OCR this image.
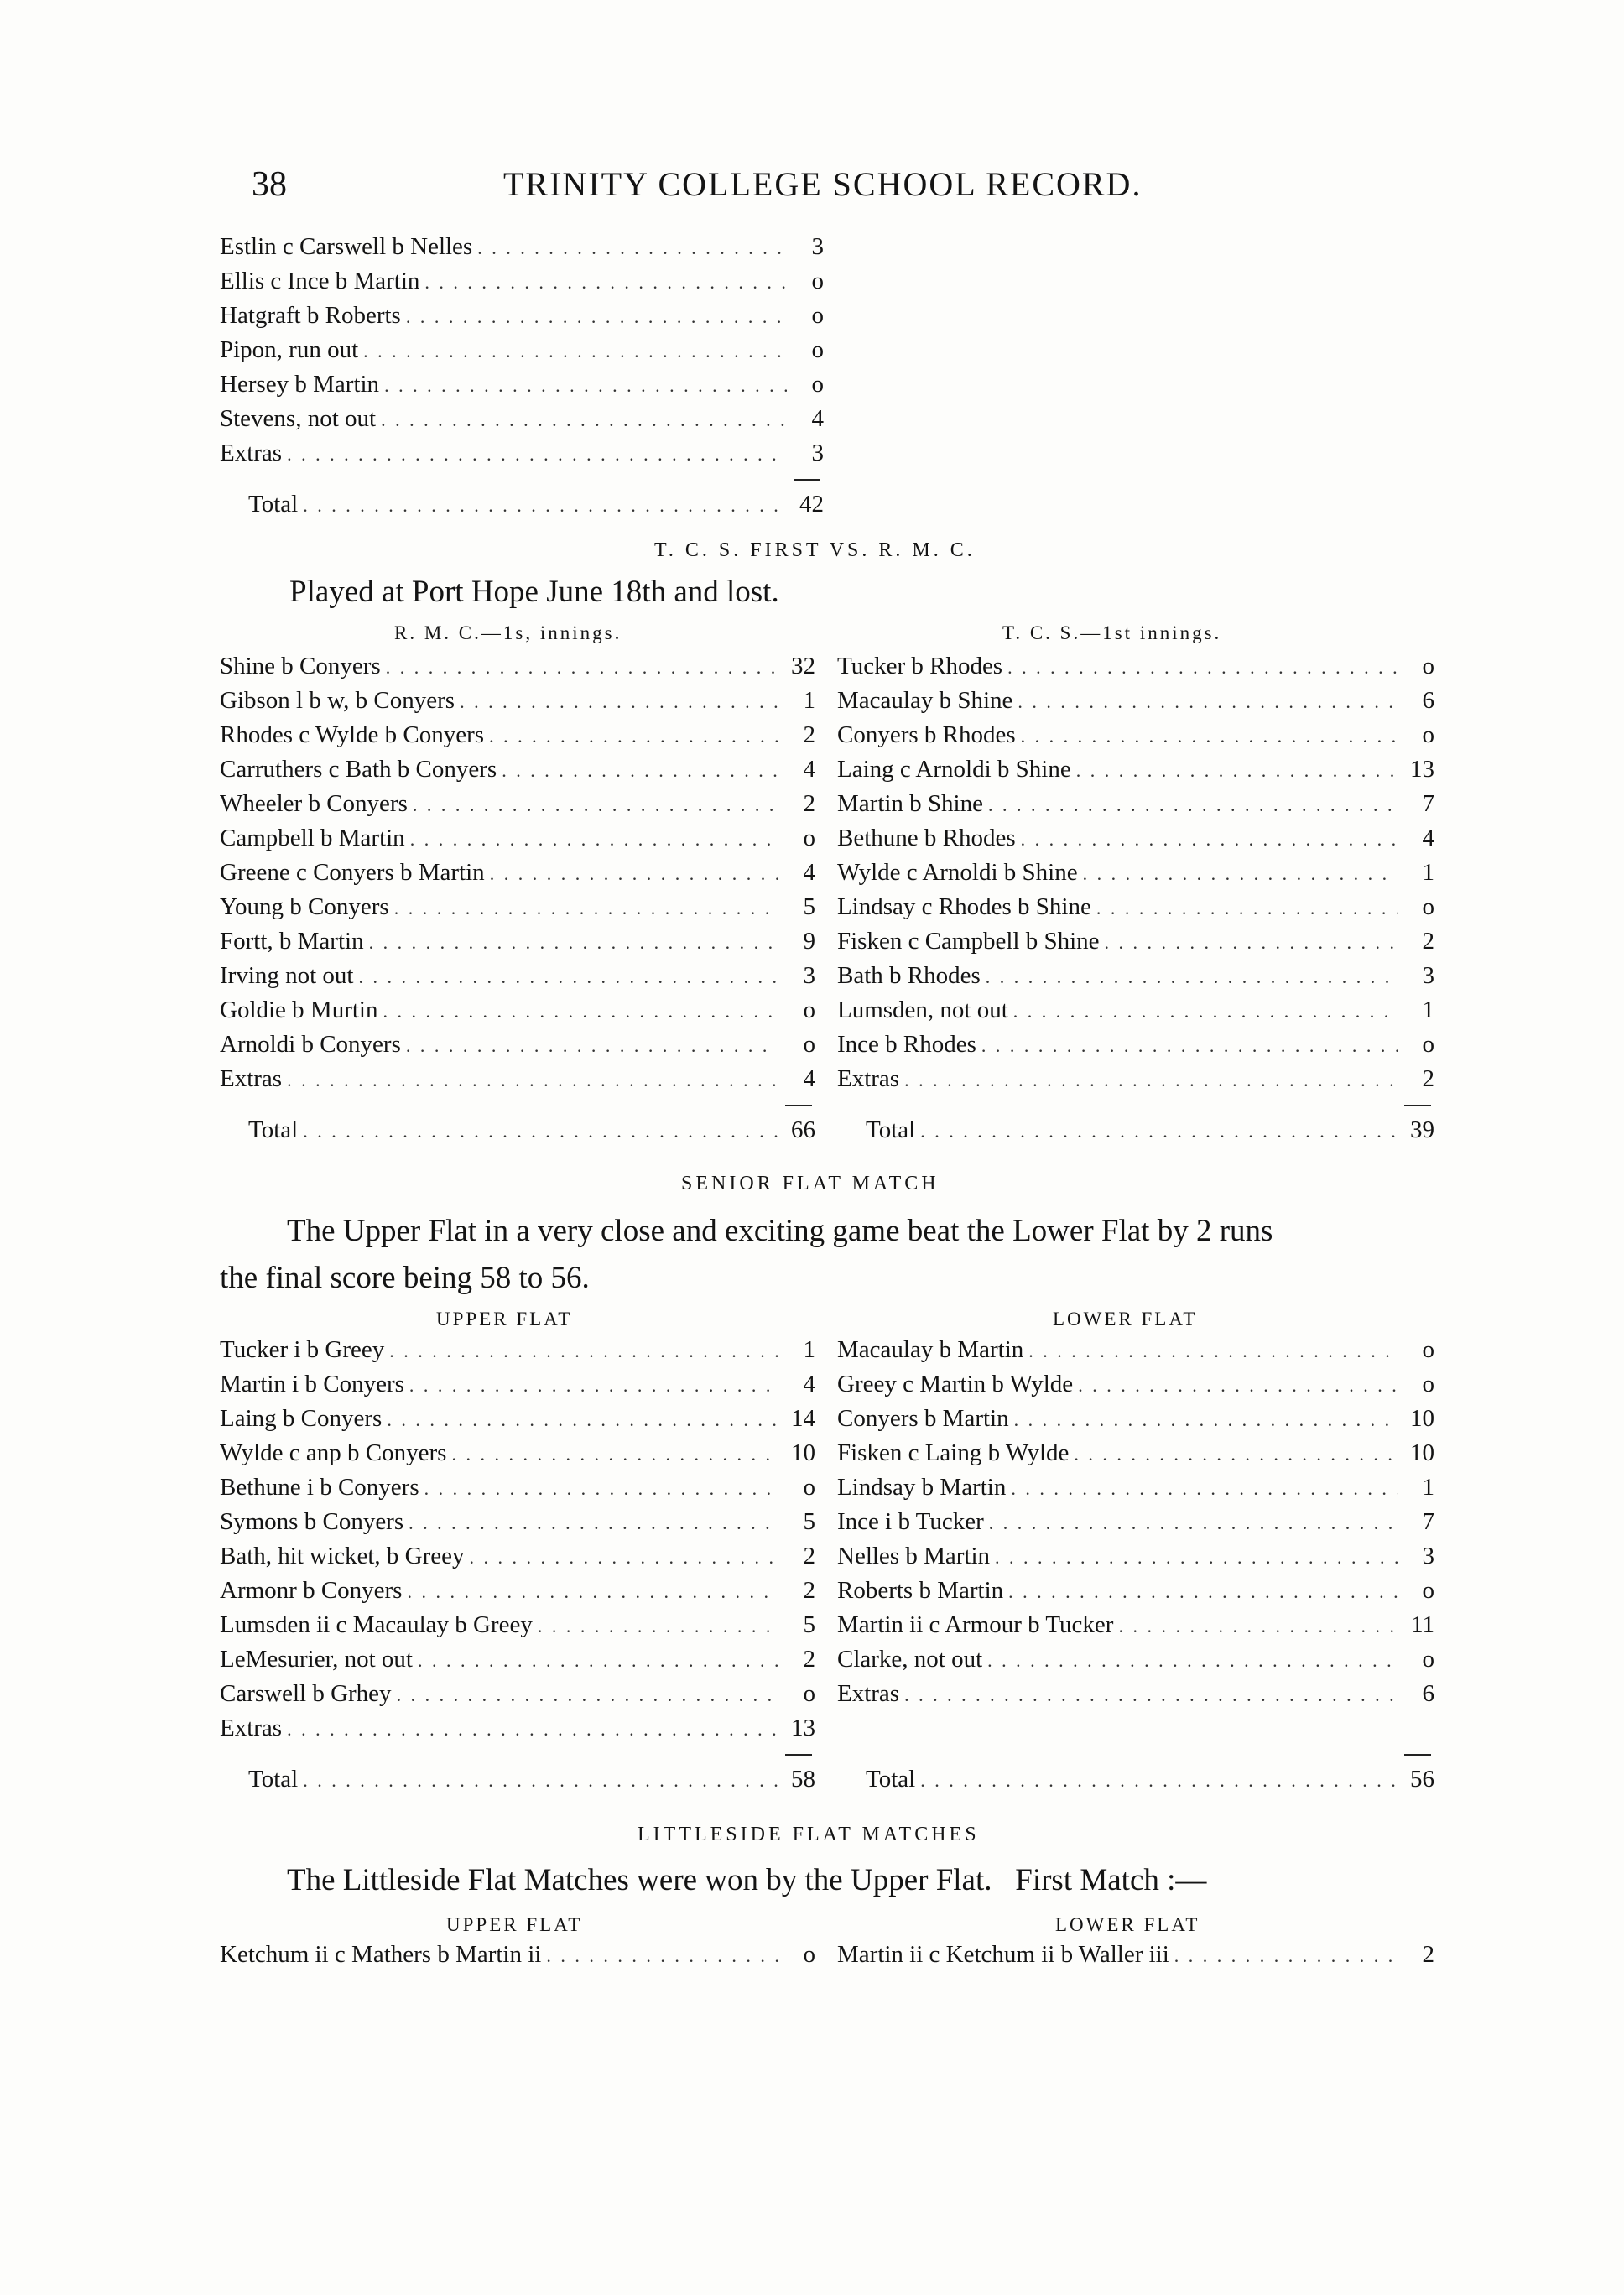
38	TRINITY COLLEGE SCHOOL RECORD.
Estlin c Carswell b Nelles . . .	3
Ellis c Ince b Martin . . .	o
Hatgraft b Roberts . . .	o
Pipon, run out . . .	o
Hersey b Martin . . .	o
Stevens, not out . . .	4
Extras . . .	3
Total . . .	42
T. C. S. FIRST VS. R. M. C.
Played at Port Hope June 18th and lost.
R. M. C.—1s, innings.	T. C. S.—1st innings.
Shine b Conyers . . .	32
Gibson l b w, b Conyers . . .	1
Rhodes c Wylde b Conyers . . .	2
Carruthers c Bath b Conyers . . .	4
Wheeler b Conyers . . .	2
Campbell b Martin . . .	o
Greene c Conyers b Martin . . .	4
Young b Conyers . . .	5
Fortt, b Martin . . .	9
Irving not out . . .	3
Goldie b Murtin . . .	o
Arnoldi b Conyers . . .	o
Extras . . .	4
Total . . .	66
Tucker b Rhodes . . .	o
Macaulay b Shine . . .	6
Conyers b Rhodes . . .	o
Laing c Arnoldi b Shine . . .	13
Martin b Shine . . .	7
Bethune b Rhodes . . .	4
Wylde c Arnoldi b Shine . . .	1
Lindsay c Rhodes b Shine . . .	o
Fisken c Campbell b Shine . . .	2
Bath b Rhodes . . .	3
Lumsden, not out . . .	1
Ince b Rhodes . . .	o
Extras . . .	2
Total . . .	39
SENIOR FLAT MATCH
The Upper Flat in a very close and exciting game beat the Lower Flat by 2 runs
the final score being 58 to 56.
UPPER FLAT	LOWER FLAT
Tucker i b Greey . . .	1
Martin i b Conyers . . .	4
Laing b Conyers . . .	14
Wylde c anp b Conyers . . .	10
Bethune i b Conyers . . .	o
Symons b Conyers . . .	5
Bath, hit wicket, b Greey . . .	2
Armonr b Conyers . . .	2
Lumsden ii c Macaulay b Greey . . .	5
LeMesurier, not out . . .	2
Carswell b Grhey . . .	o
Extras . . .	13
Total . . .	58
Macaulay b Martin . . .	o
Greey c Martin b Wylde . . .	o
Conyers b Martin . . .	10
Fisken c Laing b Wylde . . .	10
Lindsay b Martin . . .	1
Ince i b Tucker . . .	7
Nelles b Martin . . .	3
Roberts b Martin . . .	o
Martin ii c Armour b Tucker . . .	11
Clarke, not out . . .	o
Extras . . .	6
Total . . .	56
LITTLESIDE FLAT MATCHES
The Littleside Flat Matches were won by the Upper Flat.   First Match :—
UPPER FLAT	LOWER FLAT
Ketchum ii c Mathers b Martin ii . . .	o Martin ii c Ketchum ii b Waller iii . . .	2
